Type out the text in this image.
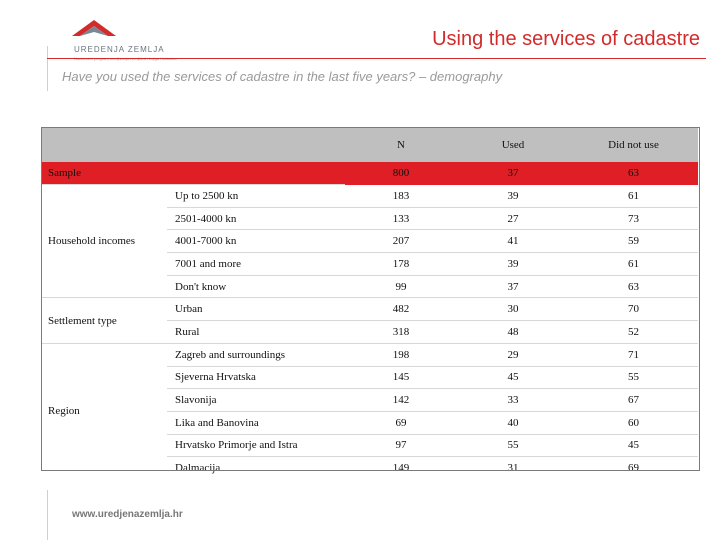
UREDENJA ZEMLJA	Using the services of cadastre
Have you used the services of cadastre in the last five years? – demography
		N	Used	Did not use
Sample		800	37	63
Household incomes	Up to 2500 kn	183	39	61
	2501-4000 kn	133	27	73
	4001-7000 kn	207	41	59
	7001 and more	178	39	61
	Don't know	99	37	63
Settlement type	Urban	482	30	70
	Rural	318	48	52
Region	Zagreb and surroundings	198	29	71
	Sjeverna Hrvatska	145	45	55
	Slavonija	142	33	67
	Lika and Banovina	69	40	60
	Hrvatsko Primorje and Istra	97	55	45
	Dalmacija	149	31	69
www.uredjenazemlja.hr
